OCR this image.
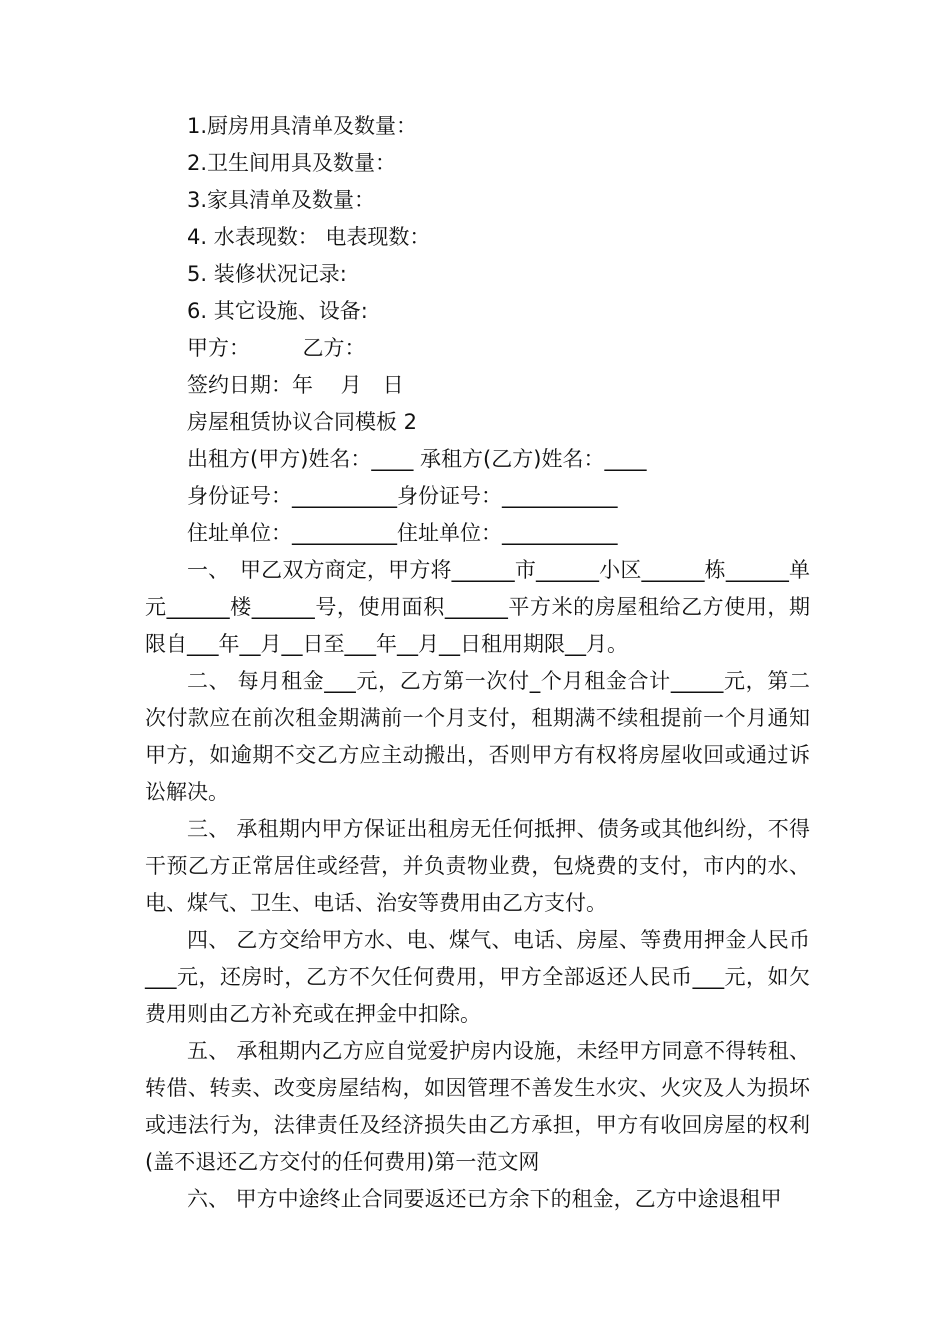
1.厨房用具清单及数量：

2.卫生间用具及数量：

3.家具清单及数量：

4. 水表现数： 电表现数：

5. 装修状况记录:

6. 其它设施、设备:

甲方：　　　乙方：

签约日期：年　 月　日

房屋租赁协议合同模板 2

出租方(甲方)姓名：____ 承租方(乙方)姓名：____

身份证号：__________身份证号：___________

住址单位：__________住址单位：___________

一、　甲乙双方商定，甲方将______市______小区______栋______单元______楼______号，使用面积______平方米的房屋租给乙方使用，期限自___年__月__日至___年__月__日租用期限__月。

二、 每月租金___元，乙方第一次付_个月租金合计_____元，第二次付款应在前次租金期满前一个月支付，租期满不续租提前一个月通知甲方，如逾期不交乙方应主动搬出，否则甲方有权将房屋收回或通过诉讼解决。

三、 承租期内甲方保证出租房无任何抵押、债务或其他纠纷，不得干预乙方正常居住或经营，并负责物业费，包烧费的支付，市内的水、电、煤气、卫生、电话、治安等费用由乙方支付。

四、 乙方交给甲方水、电、煤气、电话、房屋、等费用押金人民币___元，还房时，乙方不欠任何费用，甲方全部返还人民币___元，如欠费用则由乙方补充或在押金中扣除。

五、 承租期内乙方应自觉爱护房内设施，未经甲方同意不得转租、转借、转卖、改变房屋结构，如因管理不善发生水灾、火灾及人为损坏或违法行为，法律责任及经济损失由乙方承担，甲方有收回房屋的权利(盖不退还乙方交付的任何费用)第一范文网

六、 甲方中途终止合同要返还已方余下的租金，乙方中途退租甲
